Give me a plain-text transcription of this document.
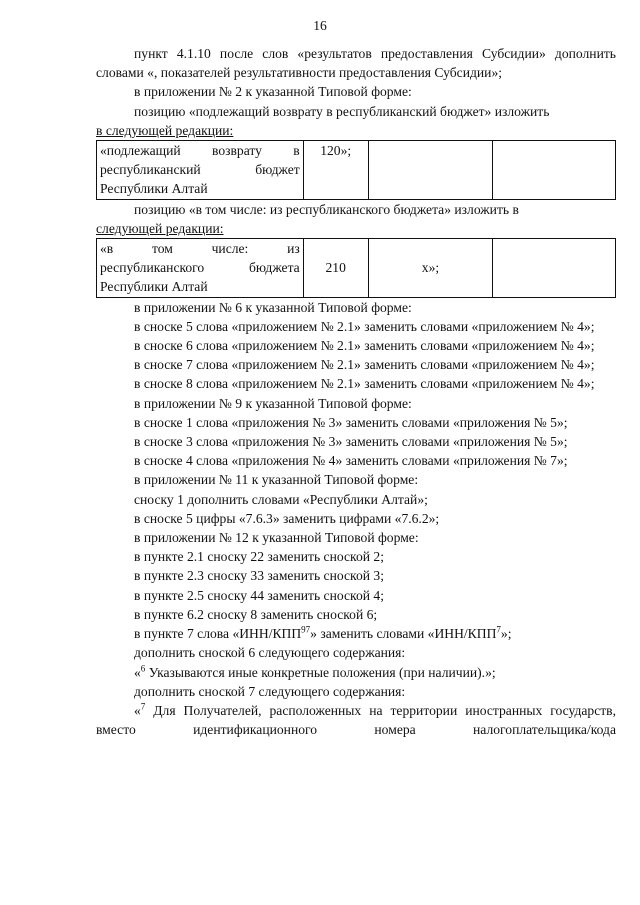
16

пункт 4.1.10 после слов «результатов предоставления Субсидии» дополнить словами «, показателей результативности предоставления Субсидии»;

в приложении № 2 к указанной Типовой форме:

позицию «подлежащий возврату в республиканский бюджет» изложить

в следующей редакции:

«подлежащий возврату в республиканский бюджет Республики Алтай	120»;		

позицию «в том числе: из республиканского бюджета» изложить в

следующей редакции:

«в том числе: из республиканского бюджета Республики Алтай	210	х»;	

в приложении № 6 к указанной Типовой форме:

в сноске 5 слова «приложением № 2.1» заменить словами «приложением № 4»;

в сноске 6 слова «приложением № 2.1» заменить словами «приложением № 4»;

в сноске 7 слова «приложением № 2.1» заменить словами «приложением № 4»;

в сноске 8 слова «приложением № 2.1» заменить словами «приложением № 4»;

в приложении № 9 к указанной Типовой форме:

в сноске 1 слова «приложения № 3» заменить словами «приложения № 5»;

в сноске 3 слова «приложения № 3» заменить словами «приложения № 5»;

в сноске 4 слова «приложения № 4» заменить словами «приложения № 7»;

в приложении № 11 к указанной Типовой форме:

сноску 1 дополнить словами «Республики Алтай»;

в сноске 5 цифры «7.6.3» заменить цифрами «7.6.2»;

в приложении № 12 к указанной Типовой форме:

в пункте 2.1 сноску 22 заменить сноской 2;

в пункте 2.3 сноску 33 заменить сноской 3;

в пункте 2.5 сноску 44 заменить сноской 4;

в пункте 6.2 сноску 8 заменить сноской 6;

в пункте 7 слова «ИНН/КПП$^{97}$» заменить словами «ИНН/КПП$^7$»;

дополнить сноской 6 следующего содержания:

«$^6$ Указываются иные конкретные положения (при наличии).»;

дополнить сноской 7 следующего содержания:

«$^7$ Для Получателей, расположенных на территории иностранных государств, вместо идентификационного номера налогоплательщика/кода
